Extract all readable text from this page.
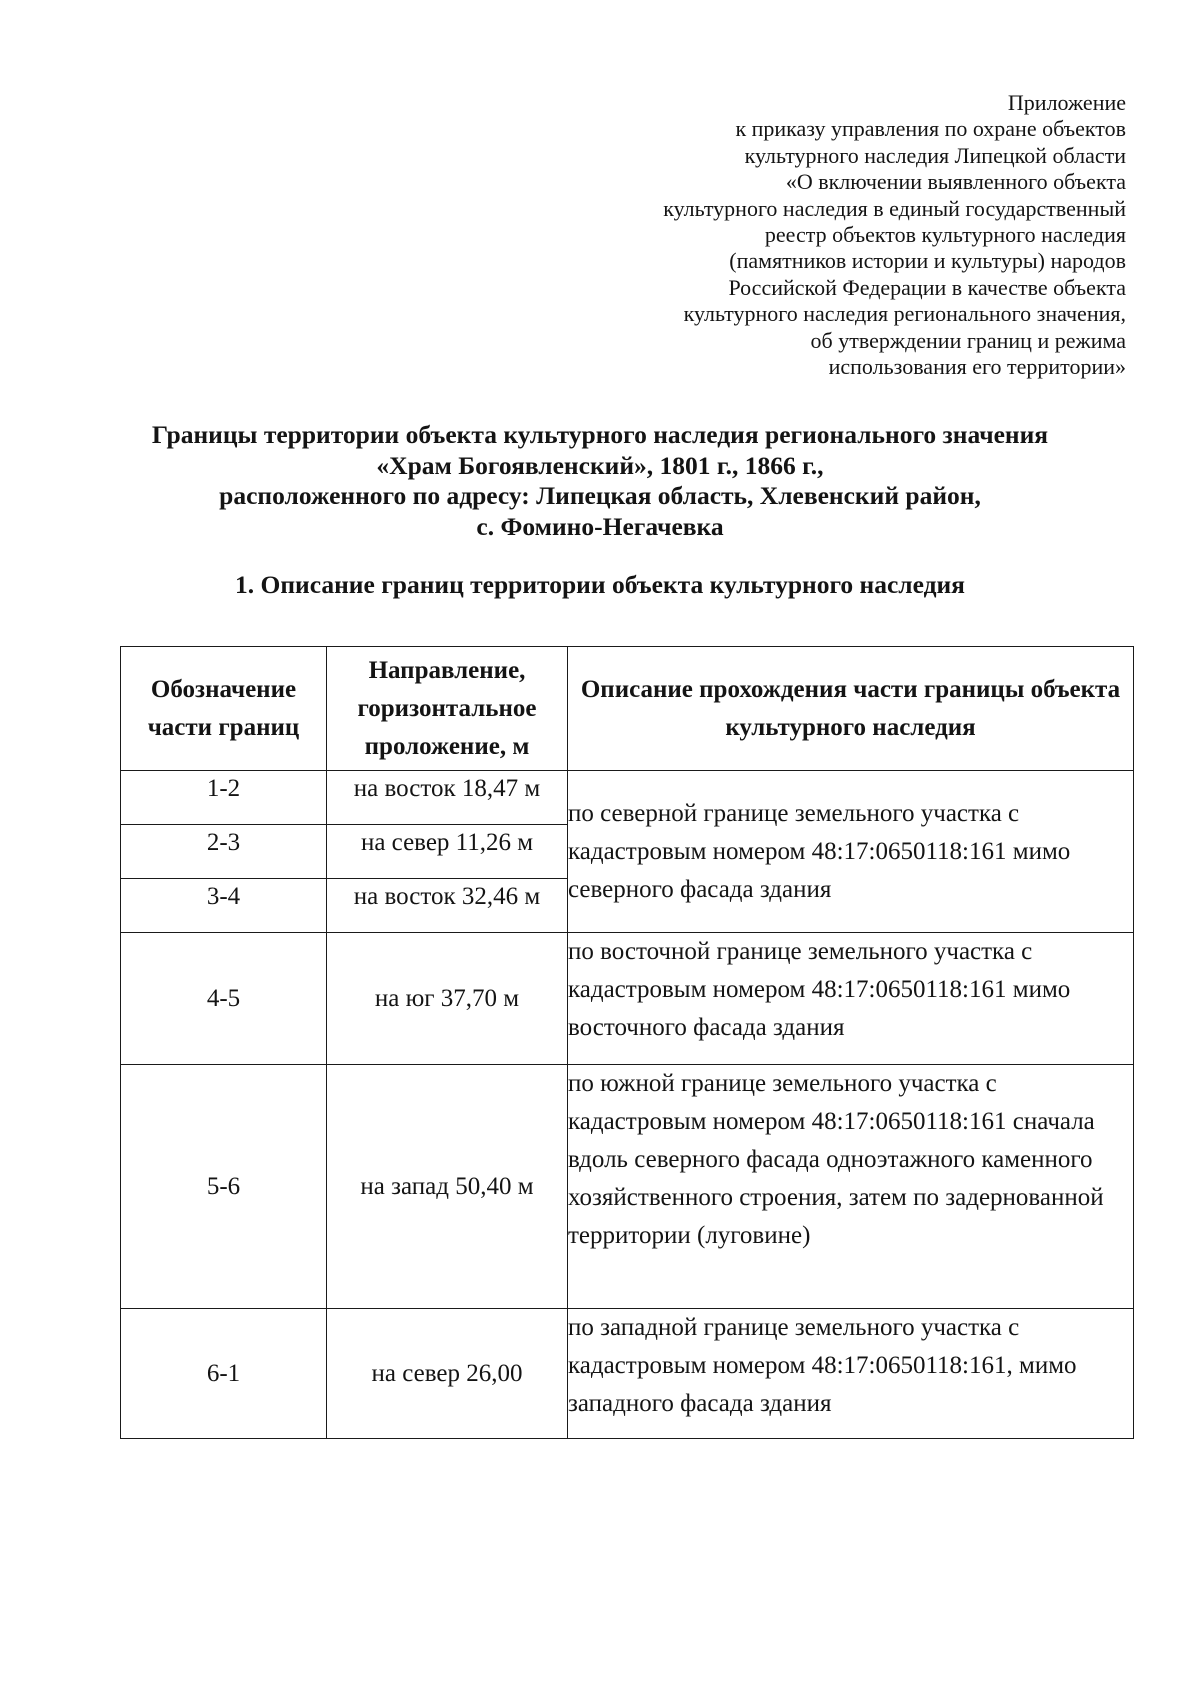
Приложение
к приказу управления по охране объектов
культурного наследия Липецкой области
«О включении выявленного объекта
культурного наследия в единый государственный
реестр объектов культурного наследия
(памятников истории и культуры) народов
Российской Федерации в качестве объекта
культурного наследия регионального значения,
об утверждении границ и режима
использования его территории»
Границы территории объекта культурного наследия регионального значения
«Храм Богоявленский», 1801 г., 1866 г.,
расположенного по адресу: Липецкая область, Хлевенский район,
с. Фомино-Негачевка
1. Описание границ территории объекта культурного наследия
Обозначение части границ	Направление, горизонтальное проложение, м	Описание прохождения части границы объекта культурного наследия
1-2	на восток 18,47 м	по северной границе земельного участка с кадастровым номером 48:17:0650118:161 мимо северного фасада здания
2-3	на север 11,26 м	
3-4	на восток 32,46 м	
4-5	на юг 37,70 м	по восточной границе земельного участка с кадастровым номером 48:17:0650118:161 мимо восточного фасада здания
5-6	на запад 50,40 м	по южной границе земельного участка с кадастровым номером 48:17:0650118:161 сначала вдоль северного фасада одноэтажного каменного хозяйственного строения, затем по задернованной территории (луговине)
6-1	на север 26,00	по западной границе земельного участка с кадастровым номером 48:17:0650118:161, мимо западного фасада здания
